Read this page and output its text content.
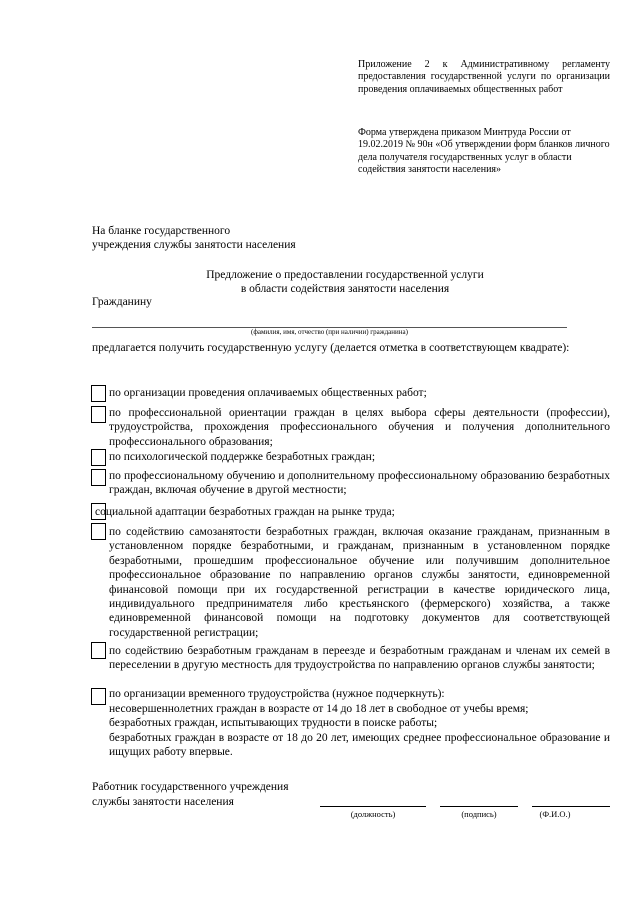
Приложение 2 к Административному регламенту предоставления государственной услуги по организации проведения оплачиваемых общественных работ
Форма утверждена приказом Минтруда России от 19.02.2019 № 90н «Об утверждении форм бланков личного дела получателя государственных услуг в области содействия занятости населения»
На бланке государственного
учреждения службы занятости населения
Предложение о предоставлении государственной услуги
в области содействия занятости населения
Гражданину
(фамилия, имя, отчество (при наличии) гражданина)
предлагается получить государственную услугу (делается отметка в соответствующем квадрате):
по организации проведения оплачиваемых общественных работ;
по профессиональной ориентации граждан в целях выбора сферы деятельности (профессии), трудоустройства, прохождения профессионального обучения и получения дополнительного профессионального образования;
по психологической поддержке безработных граждан;
по профессиональному обучению и дополнительному профессиональному образованию безработных граждан, включая обучение в другой местности;
социальной адаптации безработных граждан на рынке труда;
по содействию самозанятости безработных граждан, включая оказание гражданам, признанным в установленном порядке безработными, и гражданам, признанным в установленном порядке безработными, прошедшим профессиональное обучение или получившим дополнительное профессиональное образование по направлению органов службы занятости, единовременной финансовой помощи при их государственной регистрации в качестве юридического лица, индивидуального предпринимателя либо крестьянского (фермерского) хозяйства, а также единовременной финансовой помощи на подготовку документов для соответствующей государственной регистрации;
по содействию безработным гражданам в переезде и безработным гражданам и членам их семей в переселении в другую местность для трудоустройства по направлению органов службы занятости;
по организации временного трудоустройства (нужное подчеркнуть):
несовершеннолетних граждан в возрасте от 14 до 18 лет в свободное от учебы время;
безработных граждан, испытывающих трудности в поиске работы;
безработных граждан в возрасте от 18 до 20 лет, имеющих среднее профессиональное образование и ищущих работу впервые.
Работник государственного учреждения
службы занятости населения
(должность)	(подпись)	(Ф.И.О.)
